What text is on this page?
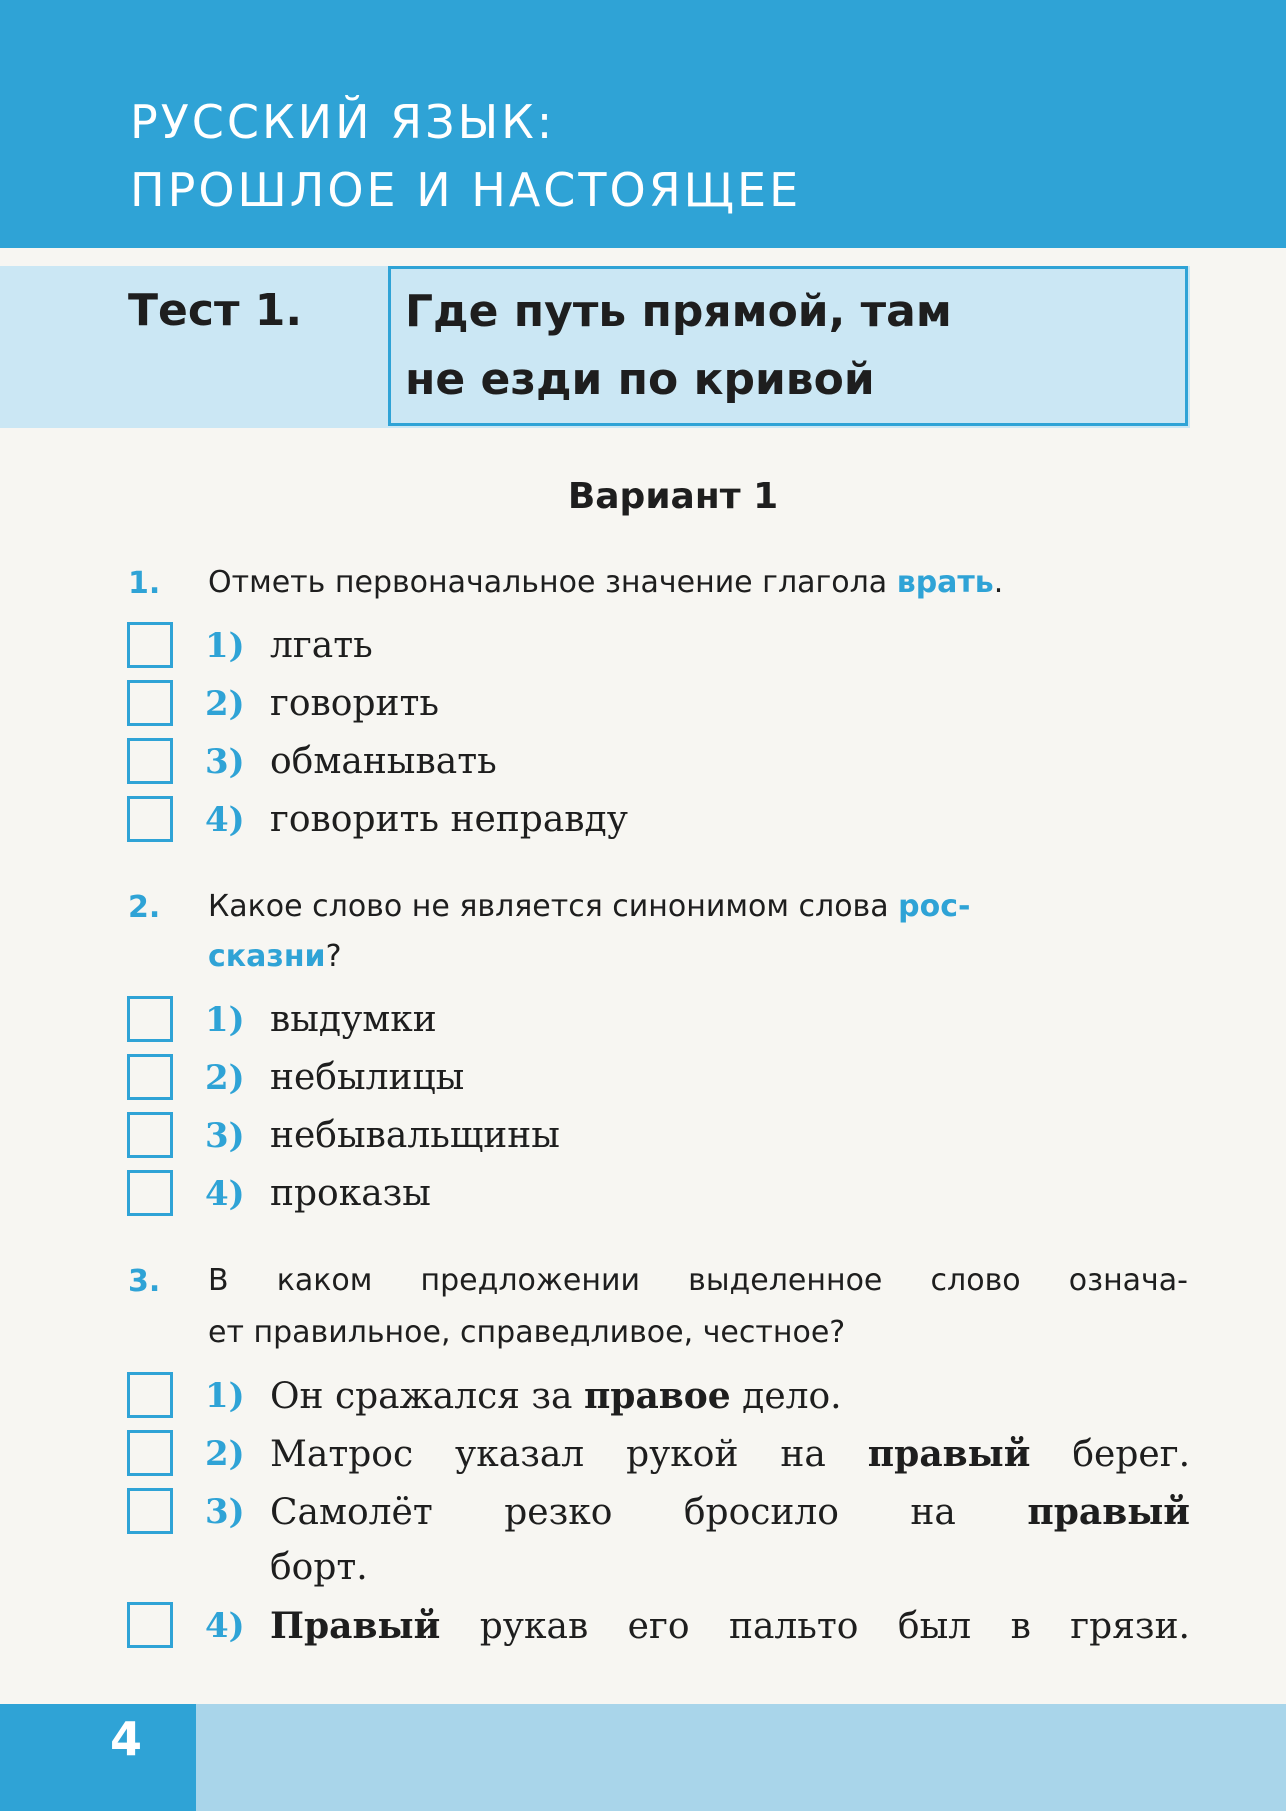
РУССКИЙ ЯЗЫК:
ПРОШЛОЕ И НАСТОЯЩЕЕ
Тест 1. Где путь прямой, там
не езди по кривой
Вариант 1
1. Отметь первоначальное значение глагола врать.
1) лгать
2) говорить
3) обманывать
4) говорить неправду
2. Какое слово не является синонимом слова рос-
сказни?
1) выдумки
2) небылицы
3) небывальщины
4) проказы
3. В каком предложении выделенное слово означа-
ет правильное, справедливое, честное?
1) Он сражался за правое дело.
2) Матрос указал рукой на правый берег.
3) Самолёт резко бросило на правый
борт.
4) Правый рукав его пальто был в грязи.
4
